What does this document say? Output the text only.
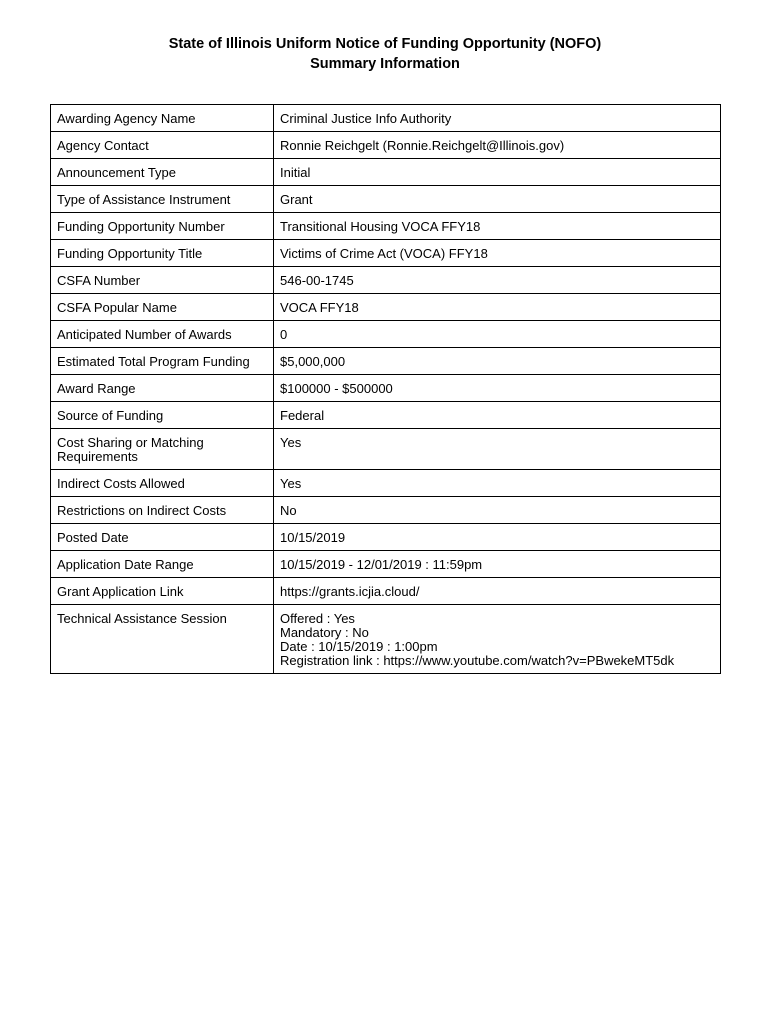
State of Illinois Uniform Notice of Funding Opportunity (NOFO)
Summary Information
Awarding Agency Name	Criminal Justice Info Authority
Agency Contact	Ronnie Reichgelt (Ronnie.Reichgelt@Illinois.gov)
Announcement Type	Initial
Type of Assistance Instrument	Grant
Funding Opportunity Number	Transitional Housing VOCA FFY18
Funding Opportunity Title	Victims of Crime Act (VOCA) FFY18
CSFA Number	546-00-1745
CSFA Popular Name	VOCA FFY18
Anticipated Number of Awards	0
Estimated Total Program Funding	$5,000,000
Award Range	$100000 - $500000
Source of Funding	Federal
Cost Sharing or Matching
Requirements	Yes
Indirect Costs Allowed	Yes
Restrictions on Indirect Costs	No
Posted Date	10/15/2019
Application Date Range	10/15/2019 - 12/01/2019 : 11:59pm
Grant Application Link	https://grants.icjia.cloud/
Technical Assistance Session	Offered : Yes
Mandatory : No
Date : 10/15/2019 : 1:00pm
Registration link : https://www.youtube.com/watch?v=PBwekeMT5dk
